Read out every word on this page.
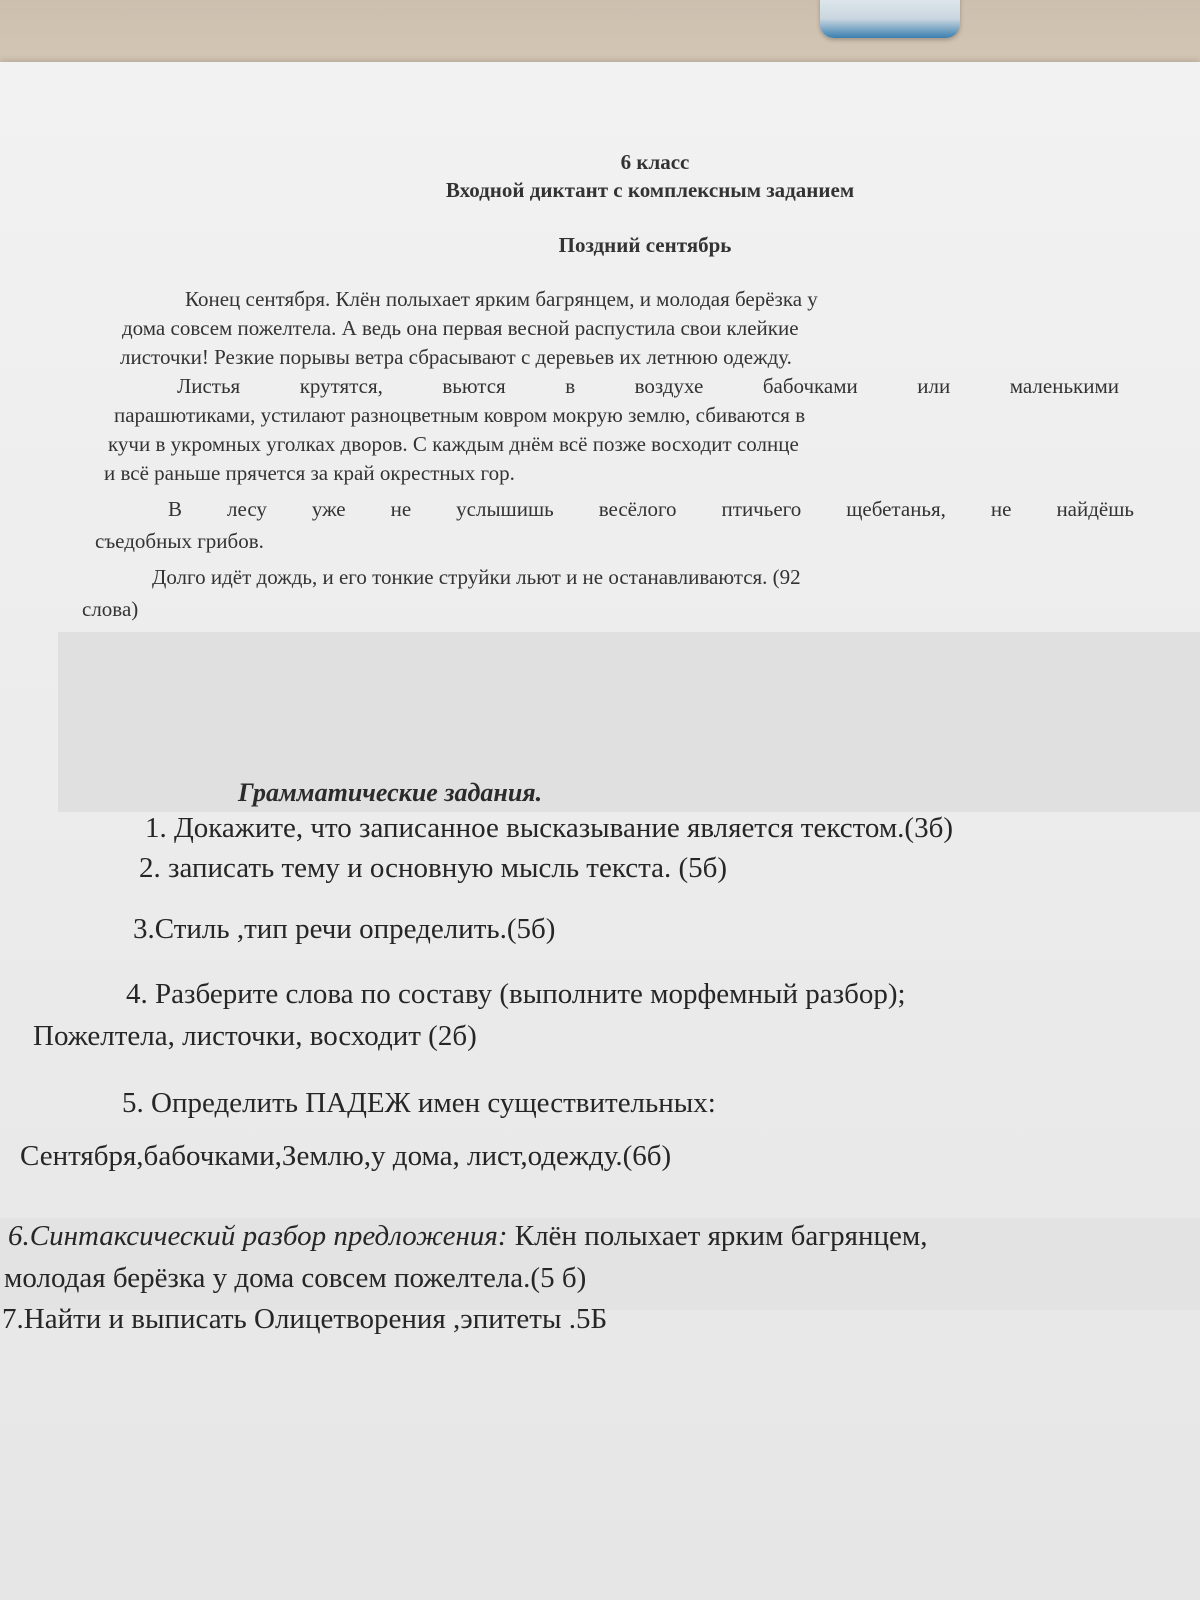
6 класс
Входной диктант с комплексным заданием
Поздний сентябрь
Конец сентября. Клён полыхает ярким багрянцем, и молодая берёзка у
дома совсем пожелтела. А ведь она первая весной распустила свои клейкие
листочки! Резкие порывы ветра сбрасывают с деревьев их летнюю одежду.
Листья крутятся, вьются в воздухе бабочками или маленькими
парашютиками, устилают разноцветным ковром мокрую землю, сбиваются в
кучи в укромных уголках дворов. С каждым днём всё позже восходит солнце
и всё раньше прячется за край окрестных гор.
В лесу уже не услышишь весёлого птичьего щебетанья, не найдёшь
съедобных грибов.
Долго идёт дождь, и его тонкие струйки льют и не останавливаются. (92
слова)
Грамматические задания.
1. Докажите, что записанное высказывание является текстом.(3б)
2. записать тему и основную мысль текста. (5б)
3.Стиль ,тип речи определить.(5б)
4. Разберите слова по составу (выполните морфемный разбор);
Пожелтела, листочки, восходит (2б)
5. Определить ПАДЕЖ имен существительных:
Сентября,бабочками,Землю,у дома, лист,одежду.(6б)
6.Синтаксический разбор предложения: Клён полыхает ярким багрянцем,
молодая берёзка у дома совсем пожелтела.(5 б)
7.Найти и выписать Олицетворения ,эпитеты .5Б
